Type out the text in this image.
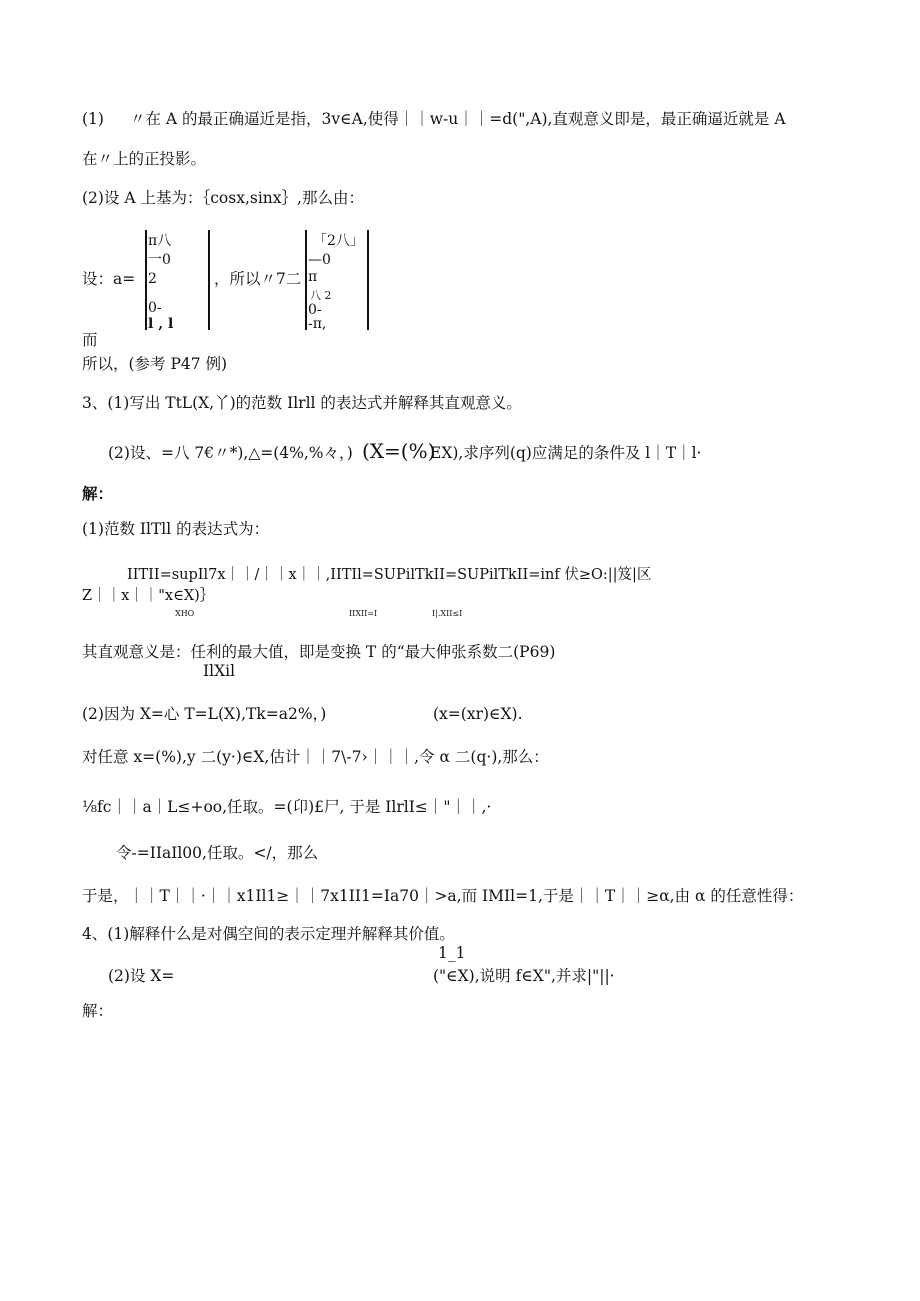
(1) 〃在 A 的最正确逼近是指，3v∈A,使得｜｜w-u｜｜=d(",A),直观意义即是，最正确逼近就是 A
在〃上的正投影。
(2)设 A 上基为：｛cosx,sinx｝,那么由：
设：a=
π八
一0
2
0-
l , l
，所以〃7二
「2八」
—0
π
八 2
0-
-π,
而
所以，(参考 P47 例)
3、(1)写出 TtL(X,丫)的范数 Ilrll 的表达式并解释其直观意义。
(2)设、=八 7€〃*),△=(4%,%々，) (X=(%)
EX),求序列(q)应满足的条件及 l｜T｜l·
解：
(1)范数 IlTll 的表达式为：
IITII=supIl7x｜｜/｜｜x｜｜,IITIl=SUPilTkII=SUPilTkII=inf 伏≥O:||笈|区
Z｜｜x｜｜"x∈X)｝
XHO	IIXII=I	I|.XII≤I
其直观意义是：任利的最大值，即是变换 T 的“最大伸张系数二(P69)
IlXil
(2)因为 X=心 T=L(X),Tk=a2%，)	(x=(xr)∈X).
对任意 x=(%),y 二(y·)∈X,估计｜｜7\-7›｜｜｜,令 α 二(q·),那么：
⅛fc｜｜a｜L≤+oo,任取。=(卬)£尸, 于是 IlrlI≤｜"｜｜,·
令-=IIaIl00,任取。</，那么
于是，｜｜T｜｜·｜｜x1Il1≥｜｜7x1II1=Ia70｜>a,而 IMIl=1,于是｜｜T｜｜≥α,由 α 的任意性得：
4、(1)解释什么是对偶空间的表示定理并解释其价值。
1_1
(2)设 X=	("∈X),说明 f∈X",并求|"||·
解：
